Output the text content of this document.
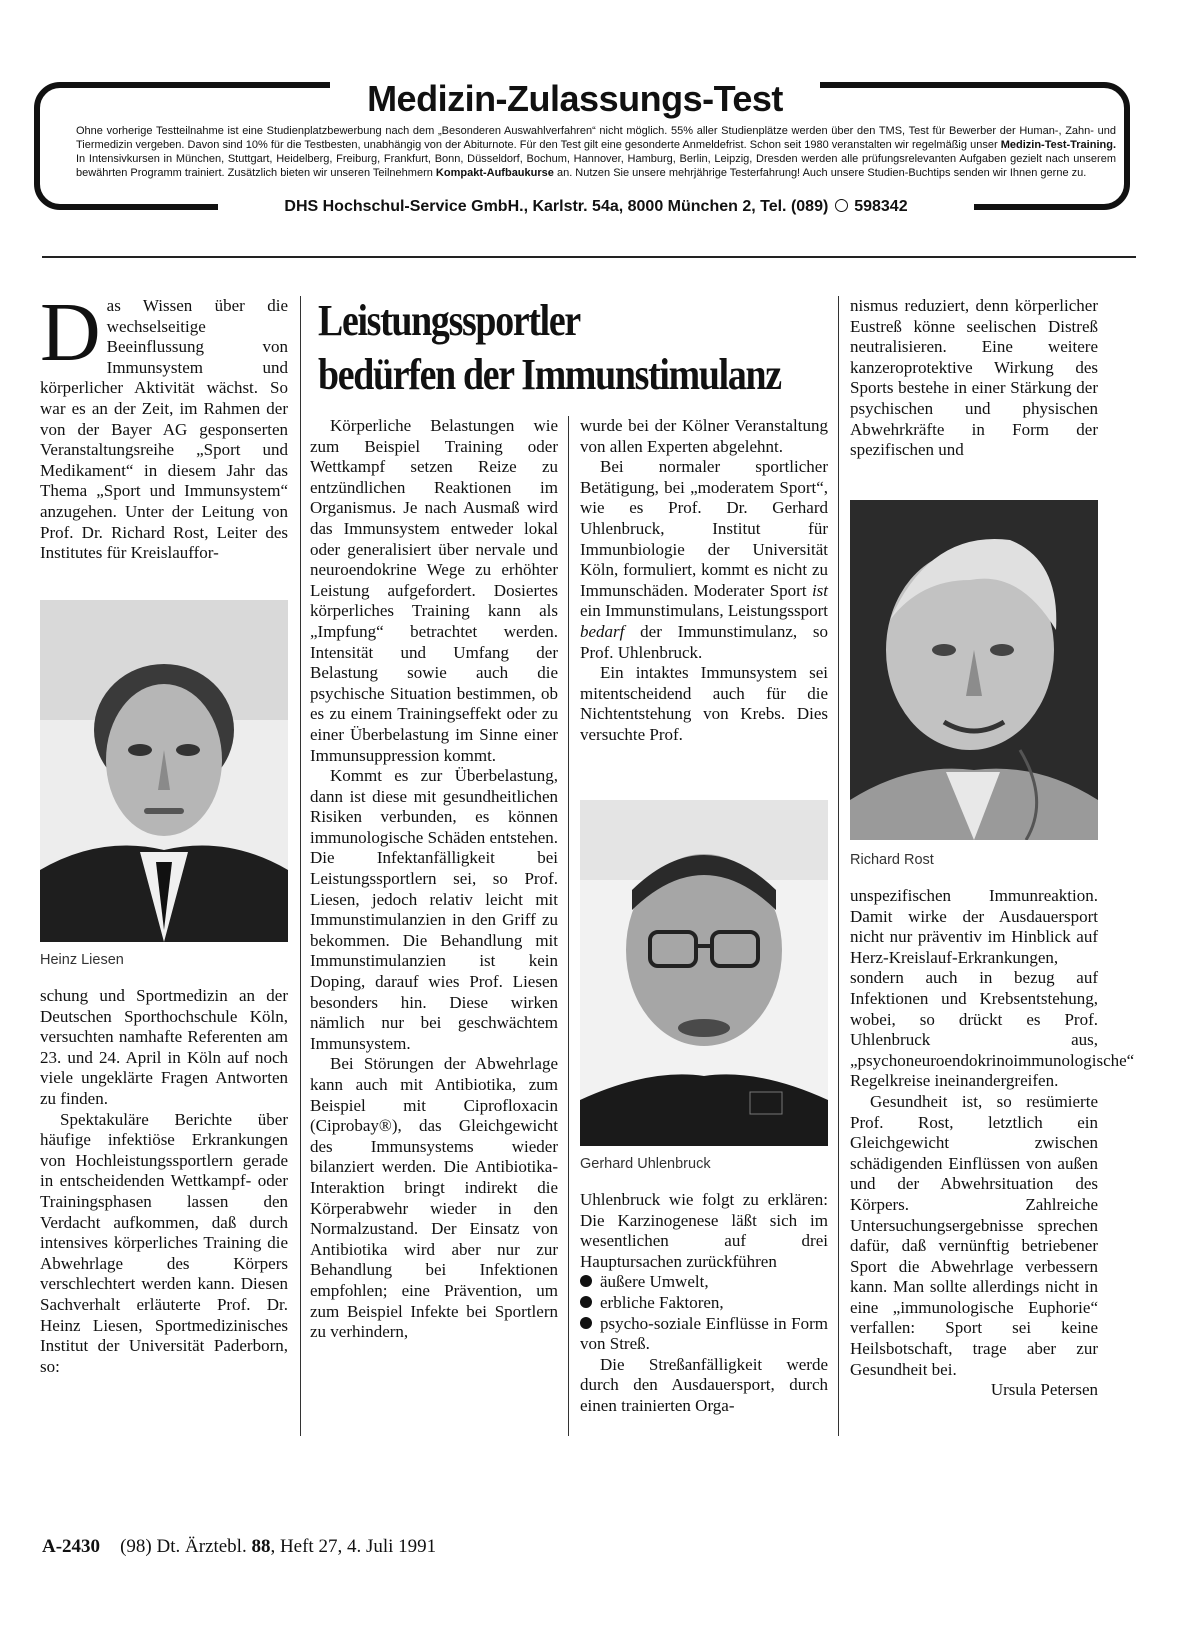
Medizin-Zulassungs-Test
Ohne vorherige Testteilnahme ist eine Studienplatzbewerbung nach dem „Besonderen Auswahlverfahren“ nicht möglich. 55% aller Studienplätze werden über den TMS, Test für Bewerber der Human-, Zahn- und Tiermedizin vergeben. Davon sind 10% für die Testbesten, unabhängig von der Abiturnote. Für den Test gilt eine gesonderte Anmeldefrist. Schon seit 1980 veranstalten wir regelmäßig unser Medizin-Test-Training. In Intensivkursen in München, Stuttgart, Heidelberg, Freiburg, Frankfurt, Bonn, Düsseldorf, Bochum, Hannover, Hamburg, Berlin, Leipzig, Dresden werden alle prüfungsrelevanten Aufgaben gezielt nach unserem bewährten Programm trainiert. Zusätzlich bieten wir unseren Teilnehmern Kompakt-Aufbaukurse an. Nutzen Sie unsere mehrjährige Testerfahrung! Auch unsere Studien-Buchtips senden wir Ihnen gerne zu.
DHS Hochschul-Service GmbH., Karlstr. 54a, 8000 München 2, Tel. (089) 598342
Leistungssportler
bedürfen der Immunstimulanz

Das Wissen über die wechselseitige Beeinflussung von Immunsystem und körperlicher Aktivität wächst. So war es an der Zeit, im Rahmen der von der Bayer AG gesponserten Veranstaltungsreihe „Sport und Medikament“ in diesem Jahr das Thema „Sport und Immunsystem“ anzugehen. Unter der Leitung von Prof. Dr. Richard Rost, Leiter des Institutes für Kreislauffor-

Heinz Liesen

schung und Sportmedizin an der Deutschen Sporthochschule Köln, versuchten namhafte Referenten am 23. und 24. April in Köln auf noch viele ungeklärte Fragen Antworten zu finden.

Spektakuläre Berichte über häufige infektiöse Erkrankungen von Hochleistungssportlern gerade in entscheidenden Wettkampf- oder Trainingsphasen lassen den Verdacht aufkommen, daß durch intensives körperliches Training die Abwehrlage des Körpers verschlechtert werden kann. Diesen Sachverhalt erläuterte Prof. Dr. Heinz Liesen, Sportmedizinisches Institut der Universität Paderborn, so:

Körperliche Belastungen wie zum Beispiel Training oder Wettkampf setzen Reize zu entzündlichen Reaktionen im Organismus. Je nach Ausmaß wird das Immunsystem entweder lokal oder generalisiert über nervale und neuroendokrine Wege zu erhöhter Leistung aufgefordert. Dosiertes körperliches Training kann als „Impfung“ betrachtet werden. Intensität und Umfang der Belastung sowie auch die psychische Situation bestimmen, ob es zu einem Trainingseffekt oder zu einer Überbelastung im Sinne einer Immunsuppression kommt.

Kommt es zur Überbelastung, dann ist diese mit gesundheitlichen Risiken verbunden, es können immunologische Schäden entstehen. Die Infektanfälligkeit bei Leistungssportlern sei, so Prof. Liesen, jedoch relativ leicht mit Immunstimulanzien in den Griff zu bekommen. Die Behandlung mit Immunstimulanzien ist kein Doping, darauf wies Prof. Liesen besonders hin. Diese wirken nämlich nur bei geschwächtem Immunsystem.

Bei Störungen der Abwehrlage kann auch mit Antibiotika, zum Beispiel mit Ciprofloxacin (Ciprobay®), das Gleichgewicht des Immunsystems wieder bilanziert werden. Die Antibiotika-Interaktion bringt indirekt die Körperabwehr wieder in den Normalzustand. Der Einsatz von Antibiotika wird aber nur zur Behandlung bei Infektionen empfohlen; eine Prävention, um zum Beispiel Infekte bei Sportlern zu verhindern,

wurde bei der Kölner Veranstaltung von allen Experten abgelehnt.

Bei normaler sportlicher Betätigung, bei „moderatem Sport“, wie es Prof. Dr. Gerhard Uhlenbruck, Institut für Immunbiologie der Universität Köln, formuliert, kommt es nicht zu Immunschäden. Moderater Sport ist ein Immunstimulans, Leistungssport bedarf der Immunstimulanz, so Prof. Uhlenbruck.

Ein intaktes Immunsystem sei mitentscheidend auch für die Nichtentstehung von Krebs. Dies versuchte Prof.

Gerhard Uhlenbruck

Uhlenbruck wie folgt zu erklären: Die Karzinogenese läßt sich im wesentlichen auf drei Hauptursachen zurückführen

äußere Umwelt,
erbliche Faktoren,
psycho-soziale Einflüsse in Form von Streß.

Die Streßanfälligkeit werde durch den Ausdauersport, durch einen trainierten Orga-

nismus reduziert, denn körperlicher Eustreß könne seelischen Distreß neutralisieren. Eine weitere kanzeroprotektive Wirkung des Sports bestehe in einer Stärkung der psychischen und physischen Abwehrkräfte in Form der spezifischen und

Richard Rost

unspezifischen Immunreaktion. Damit wirke der Ausdauersport nicht nur präventiv im Hinblick auf Herz-Kreislauf-Erkrankungen, sondern auch in bezug auf Infektionen und Krebsentstehung, wobei, so drückt es Prof. Uhlenbruck aus, „psychoneuroendokrinoimmunologische“ Regelkreise ineinandergreifen.

Gesundheit ist, so resümierte Prof. Rost, letztlich ein Gleichgewicht zwischen schädigenden Einflüssen von außen und der Abwehrsituation des Körpers. Zahlreiche Untersuchungsergebnisse sprechen dafür, daß vernünftig betriebener Sport die Abwehrlage verbessern kann. Man sollte allerdings nicht in eine „immunologische Euphorie“ verfallen: Sport sei keine Heilsbotschaft, trage aber zur Gesundheit bei.

Ursula Petersen
A-2430 (98) Dt. Ärztebl. 88, Heft 27, 4. Juli 1991
